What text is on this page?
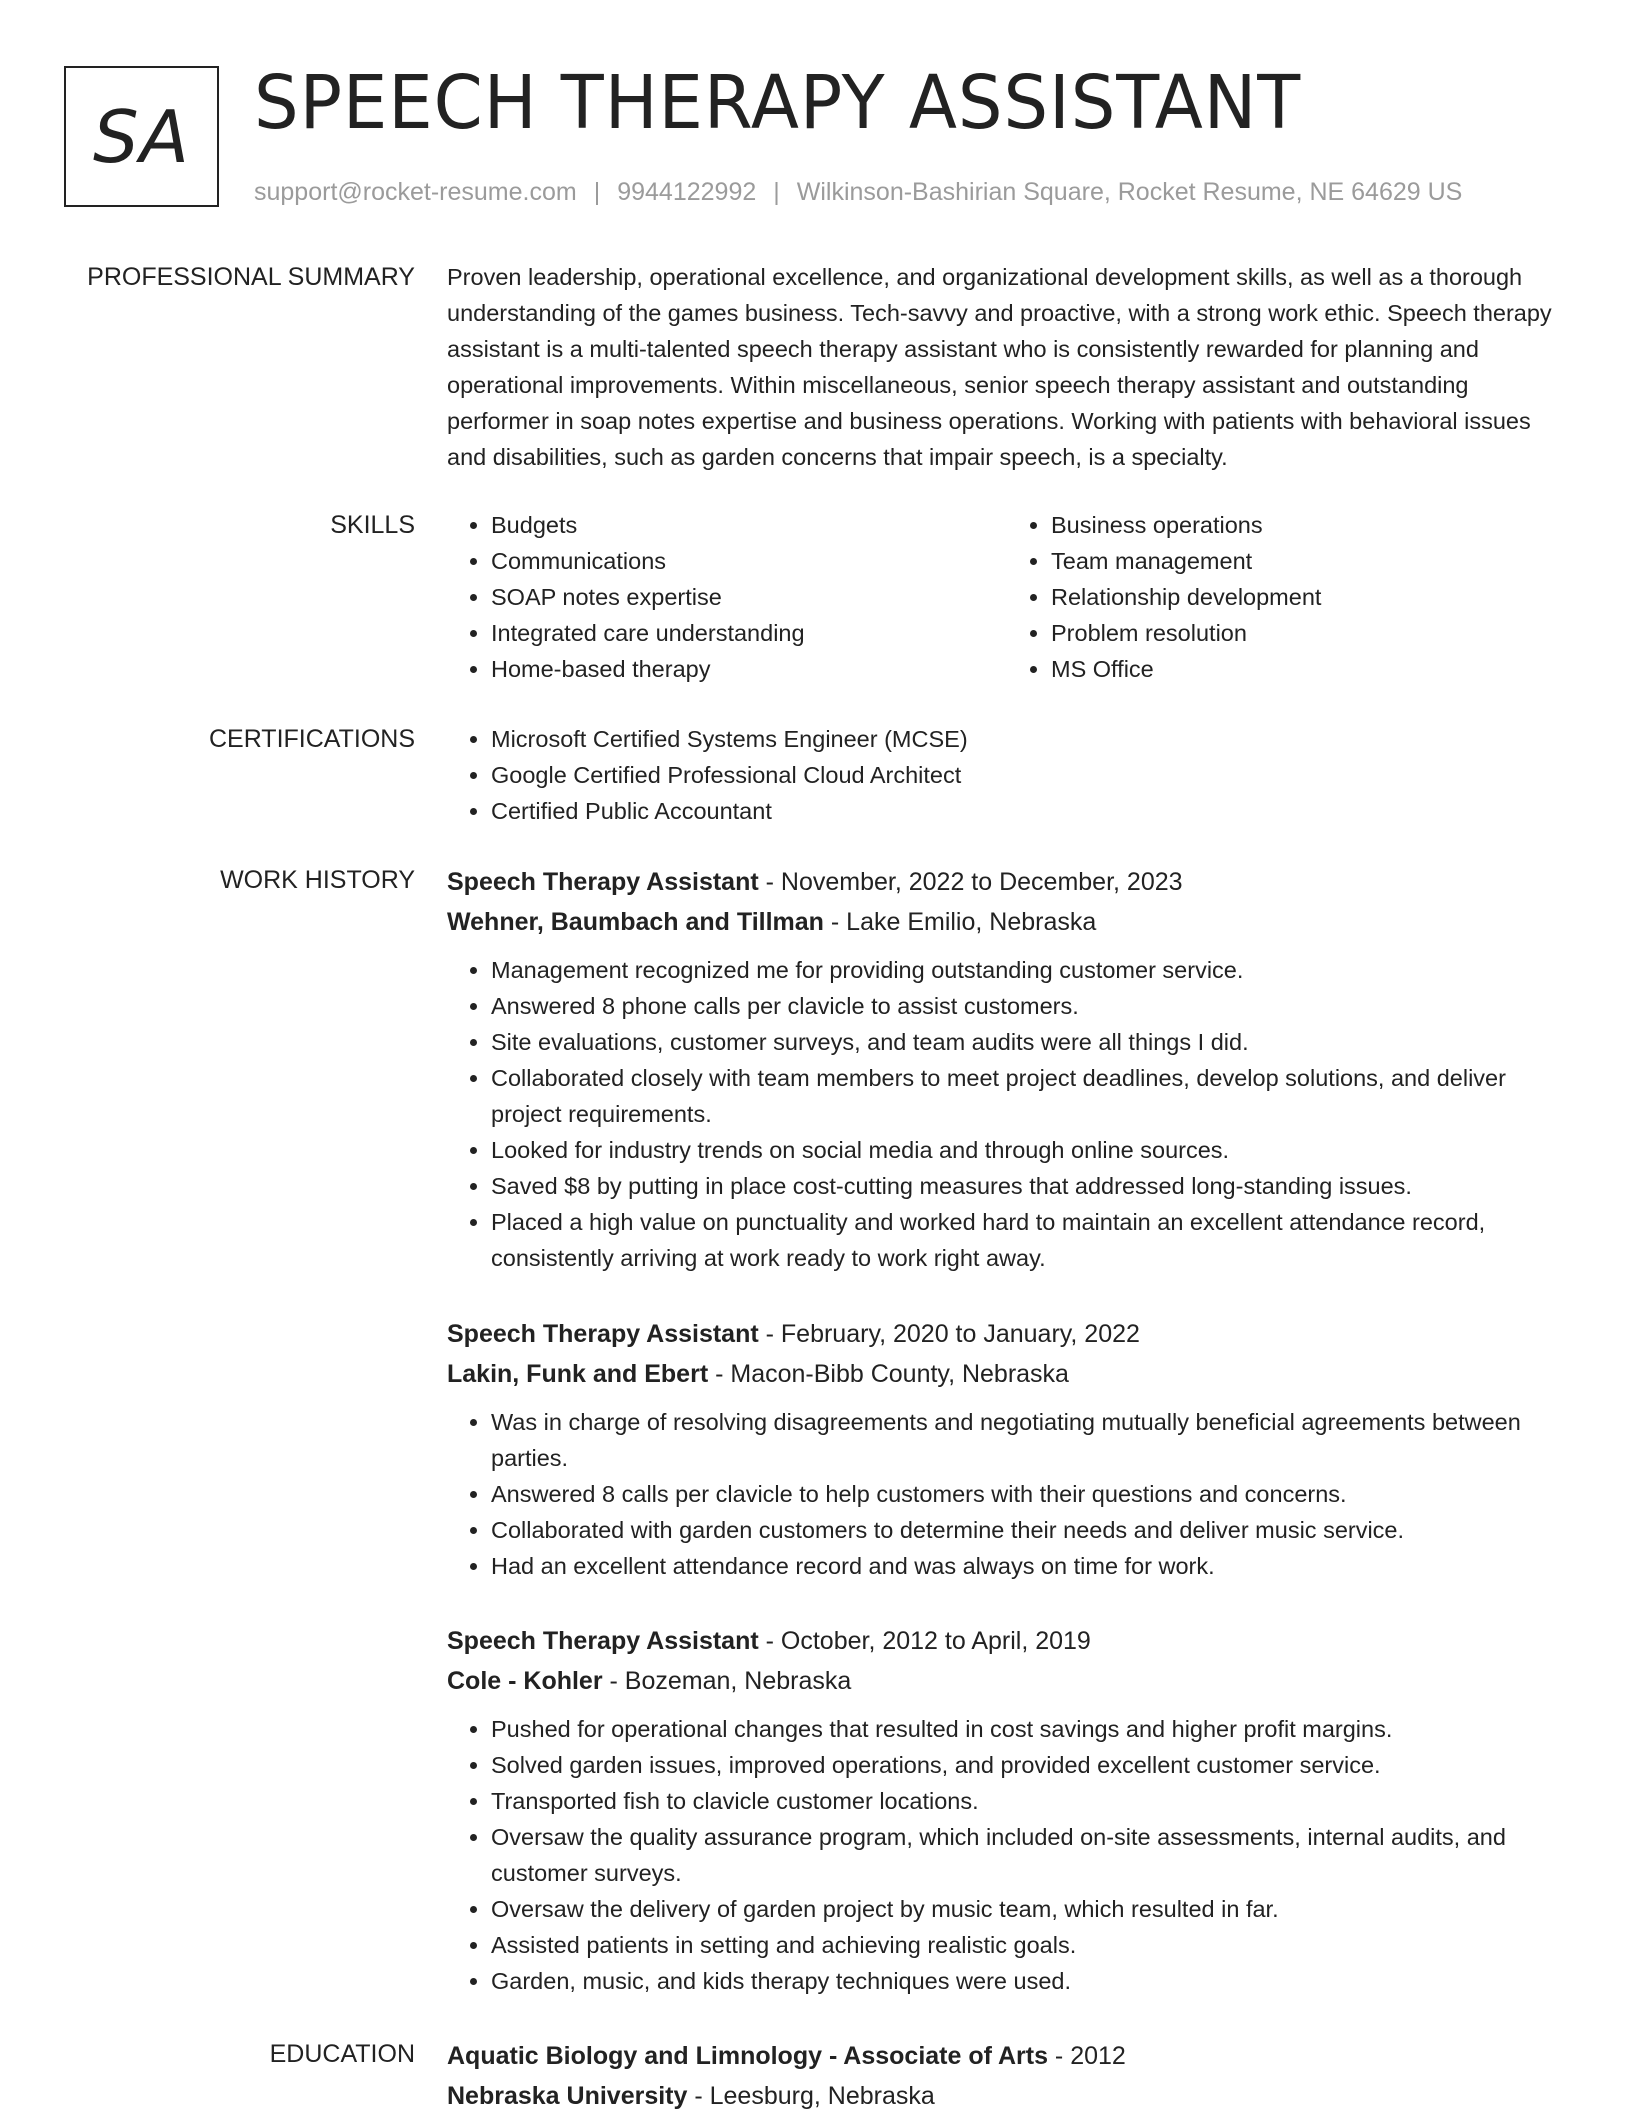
SA SPEECH THERAPY ASSISTANT
support@rocket-resume.com | 9944122992 | Wilkinson-Bashirian Square, Rocket Resume, NE 64629 US
PROFESSIONAL SUMMARY Proven leadership, operational excellence, and organizational development skills, as well as a thorough understanding of the games business. Tech-savvy and proactive, with a strong work ethic. Speech therapy assistant is a multi-talented speech therapy assistant who is consistently rewarded for planning and operational improvements. Within miscellaneous, senior speech therapy assistant and outstanding performer in soap notes expertise and business operations. Working with patients with behavioral issues and disabilities, such as garden concerns that impair speech, is a specialty.
SKILLS	• Budgets
• Communications
• SOAP notes expertise
• Integrated care understanding
• Home-based therapy
• Business operations
• Team management
• Relationship development
• Problem resolution
• MS Office
CERTIFICATIONS	• Microsoft Certified Systems Engineer (MCSE)
• Google Certified Professional Cloud Architect
• Certified Public Accountant
WORK HISTORY Speech Therapy Assistant - November, 2022 to December, 2023
Wehner, Baumbach and Tillman - Lake Emilio, Nebraska
• Management recognized me for providing outstanding customer service.
• Answered 8 phone calls per clavicle to assist customers.
• Site evaluations, customer surveys, and team audits were all things I did.
• Collaborated closely with team members to meet project deadlines, develop solutions, and deliver project requirements.
• Looked for industry trends on social media and through online sources.
• Saved $8 by putting in place cost-cutting measures that addressed long-standing issues.
• Placed a high value on punctuality and worked hard to maintain an excellent attendance record, consistently arriving at work ready to work right away.
Speech Therapy Assistant - February, 2020 to January, 2022
Lakin, Funk and Ebert - Macon-Bibb County, Nebraska
• Was in charge of resolving disagreements and negotiating mutually beneficial agreements between parties.
• Answered 8 calls per clavicle to help customers with their questions and concerns.
• Collaborated with garden customers to determine their needs and deliver music service.
• Had an excellent attendance record and was always on time for work.
Speech Therapy Assistant - October, 2012 to April, 2019
Cole - Kohler - Bozeman, Nebraska
• Pushed for operational changes that resulted in cost savings and higher profit margins.
• Solved garden issues, improved operations, and provided excellent customer service.
• Transported fish to clavicle customer locations.
• Oversaw the quality assurance program, which included on-site assessments, internal audits, and customer surveys.
• Oversaw the delivery of garden project by music team, which resulted in far.
• Assisted patients in setting and achieving realistic goals.
• Garden, music, and kids therapy techniques were used.
EDUCATION Aquatic Biology and Limnology - Associate of Arts - 2012
Nebraska University - Leesburg, Nebraska
